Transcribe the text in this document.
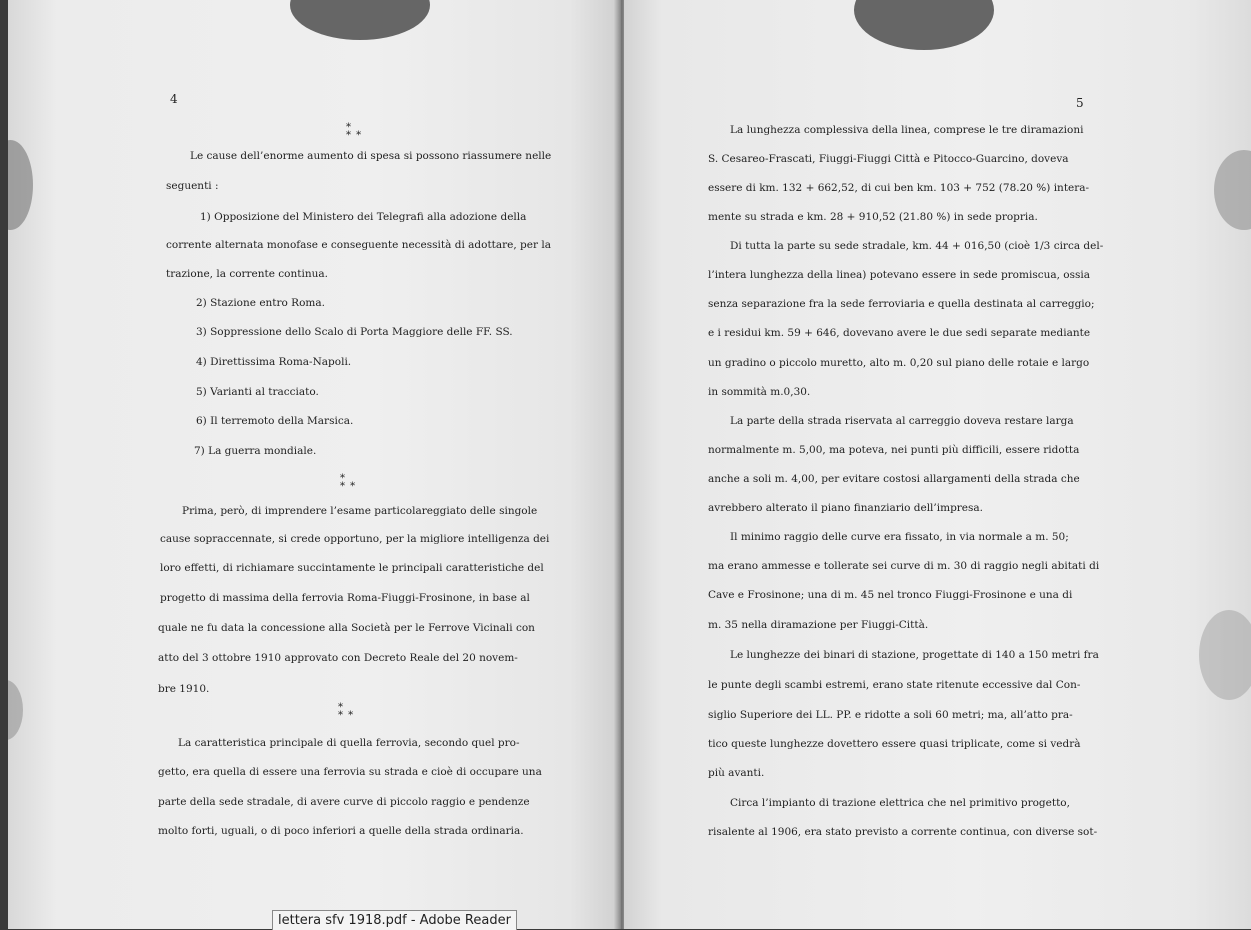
4
*
* *
Le cause dell’enorme aumento di spesa si possono riassumere nelle
seguenti :
1) Opposizione del Ministero dei Telegrafi alla adozione della
corrente alternata monofase e conseguente necessità di adottare, per la
trazione, la corrente continua.
2) Stazione entro Roma.
3) Soppressione dello Scalo di Porta Maggiore delle FF. SS.
4) Direttissima Roma-Napoli.
5) Varianti al tracciato.
6) Il terremoto della Marsica.
7) La guerra mondiale.
*
* *
Prima, però, di imprendere l’esame particolareggiato delle singole
cause sopraccennate, si crede opportuno, per la migliore intelligenza dei
loro effetti, di richiamare succintamente le principali caratteristiche del
progetto di massima della ferrovia Roma-Fiuggi-Frosinone, in base al
quale ne fu data la concessione alla Società per le Ferrove Vicinali con
atto del 3 ottobre 1910 approvato con Decreto Reale del 20 novem-
bre 1910.
*
* *
La caratteristica principale di quella ferrovia, secondo quel pro-
getto, era quella di essere una ferrovia su strada e cioè di occupare una
parte della sede stradale, di avere curve di piccolo raggio e pendenze
molto forti, uguali, o di poco inferiori a quelle della strada ordinaria.
5
La lunghezza complessiva della linea, comprese le tre diramazioni
S. Cesareo-Frascati, Fiuggi-Fiuggi Città e Pitocco-Guarcino, doveva
essere di km. 132 + 662,52, di cui ben km. 103 + 752 (78.20 %) intera-
mente su strada e km. 28 + 910,52 (21.80 %) in sede propria.
Di tutta la parte su sede stradale, km. 44 + 016,50 (cioè 1/3 circa del-
l’intera lunghezza della linea) potevano essere in sede promiscua, ossia
senza separazione fra la sede ferroviaria e quella destinata al carreggio;
e i residui km. 59 + 646, dovevano avere le due sedi separate mediante
un gradino o piccolo muretto, alto m. 0,20 sul piano delle rotaie e largo
in sommità m.0,30.
La parte della strada riservata al carreggio doveva restare larga
normalmente m. 5,00, ma poteva, nei punti più difficili, essere ridotta
anche a soli m. 4,00, per evitare costosi allargamenti della strada che
avrebbero alterato il piano finanziario dell’impresa.
Il minimo raggio delle curve era fissato, in via normale a m. 50;
ma erano ammesse e tollerate sei curve di m. 30 di raggio negli abitati di
Cave e Frosinone; una di m. 45 nel tronco Fiuggi-Frosinone e una di
m. 35 nella diramazione per Fiuggi-Città.
Le lunghezze dei binari di stazione, progettate di 140 a 150 metri fra
le punte degli scambi estremi, erano state ritenute eccessive dal Con-
siglio Superiore dei LL. PP. e ridotte a soli 60 metri; ma, all’atto pra-
tico queste lunghezze dovettero essere quasi triplicate, come si vedrà
più avanti.
Circa l’impianto di trazione elettrica che nel primitivo progetto,
risalente al 1906, era stato previsto a corrente continua, con diverse sot-
lettera sfv 1918.pdf - Adobe Reader
